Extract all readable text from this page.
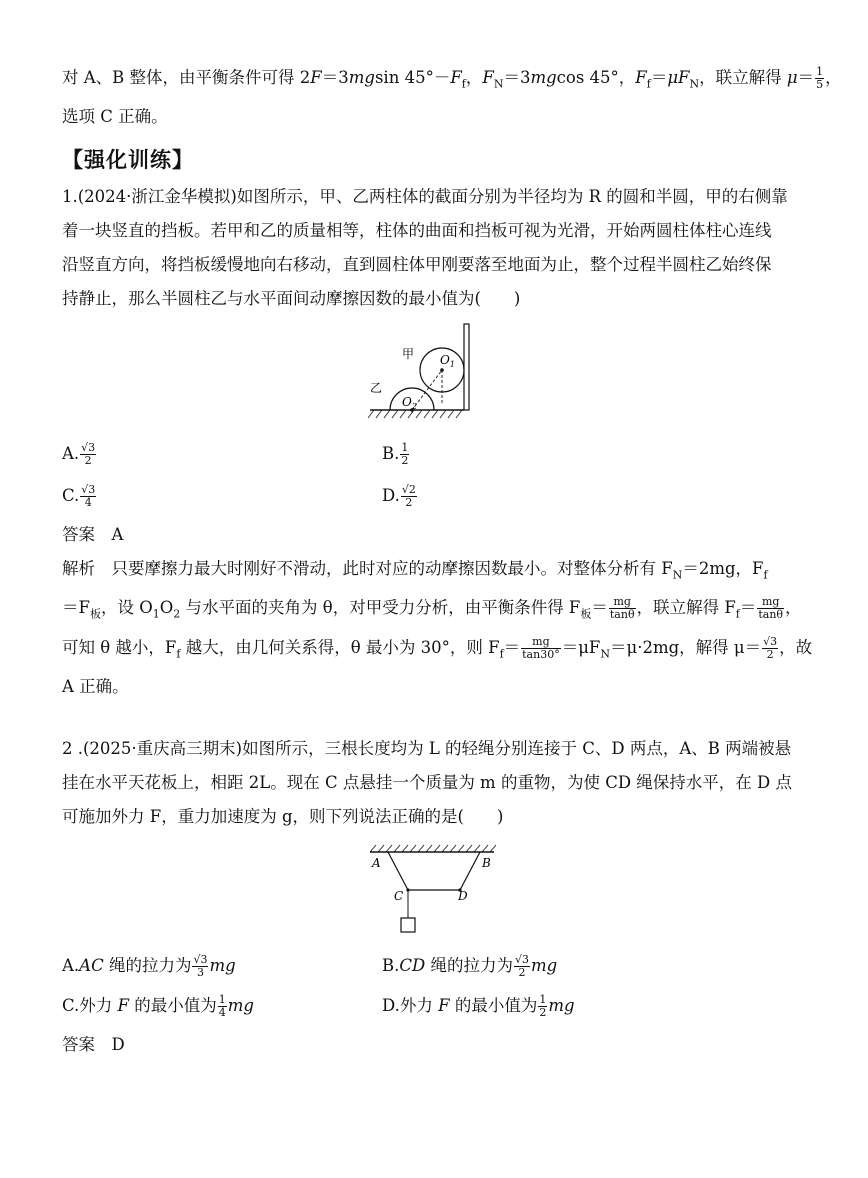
对 A、B 整体，由平衡条件可得 2F＝3mgsin $45^\circ-F_f$，$F_N=3mgcos$ 45°，$F_f=\mu F_N$，联立解得 $\mu= \frac{1}{5}$ ，
选项 C 正确。
【强化训练】
1.(2024·浙江金华模拟)如图所示，甲、乙两柱体的截面分别为半径均为 R 的圆和半圆，甲的右侧靠
着一块竖直的挡板。若甲和乙的质量相等，柱体的曲面和挡板可视为光滑，开始两圆柱体柱心连线
沿竖直方向，将挡板缓慢地向右移动，直到圆柱体甲刚要落至地面为止，整个过程半圆柱乙始终保
持静止，那么半圆柱乙与水平面间动摩擦因数的最小值为(　　)
甲
乙
$O_1$
$O_2$
A. $\frac{√3}{2}$	B. $\frac{1}{2}$
C. $\frac{√3}{4}$	D. $\frac{√2}{2}$
答案　A
解析　只要摩擦力最大时刚好不滑动，此时对应的动摩擦因数最小。对整体分析有 $F_N=2mg$，$F_f$
$=F_板$，设 $O_1O_2$ 与水平面的夹角为 θ，对甲受力分析，由平衡条件得 $F_板= \frac{mg}{\tan\theta}$ ，联立解得 $F_f= \frac{mg}{\tan\theta}$ ，
可知 θ 越小，$F_f$ 越大，由几何关系得，θ 最小为 30°，则 $F_f= \frac{mg}{\tan 30^\circ} =\mu F_N=\mu\cdot 2mg$，解得 $\mu= \frac{√3}{2}$ ，故
A 正确。
2 .(2025·重庆高三期末)如图所示，三根长度均为 L 的轻绳分别连接于 C、D 两点，A、B 两端被悬
挂在水平天花板上，相距 2L。现在 C 点悬挂一个质量为 m 的重物，为使 CD 绳保持水平，在 D 点
可施加外力 F，重力加速度为 g，则下列说法正确的是(　　)
A	B
C	D
A.AC 绳的拉力为 $\frac{√3}{3}$ mg	B.CD 绳的拉力为 $\frac{√3}{2}$ mg
C.外力 F 的最小值为 $\frac{1}{4}$ mg	D.外力 F 的最小值为 $\frac{1}{2}$ mg
答案　D
